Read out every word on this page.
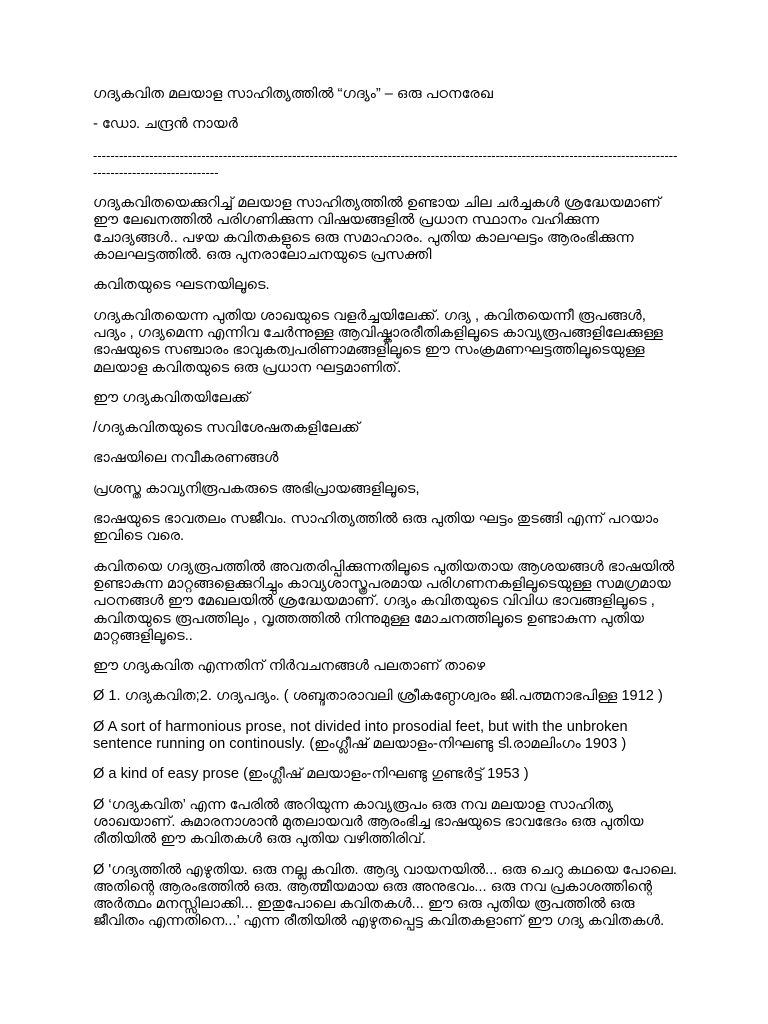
ഗദ്യകവിത മലയാള സാഹിത്യത്തിൽ “ഗദ്യം” – ഒരു പഠനരേഖ

- ഡോ. ചന്ദ്രൻ നായർ

--------------------------------------------------------------------------------------------------------------------------------------------------------------------

ഗദ്യകവിതയെക്കുറിച്ച് മലയാള സാഹിത്യത്തിൽ ഉണ്ടായ ചില ചർച്ചകൾ ശ്രദ്ധേയമാണ് ഈ ലേഖനത്തിൽ പരിഗണിക്കുന്ന വിഷയങ്ങളിൽ പ്രധാന സ്ഥാനം വഹിക്കുന്ന ചോദ്യങ്ങൾ.. പഴയ കവിതകളുടെ ഒരു സമാഹാരം. പുതിയ കാലഘട്ടം ആരംഭിക്കുന്ന കാലഘട്ടത്തിൽ. ഒരു പുനരാലോചനയുടെ പ്രസക്തി

കവിതയുടെ ഘടനയിലൂടെ.

ഗദ്യകവിതയെന്ന പുതിയ ശാഖയുടെ വളർച്ചയിലേക്ക്. ഗദ്യ , കവിതയെന്നീ രൂപങ്ങൾ, പദ്യം , ഗദ്യമെന്ന എന്നിവ ചേർന്നുള്ള ആവിഷ്കാരരീതികളിലൂടെ കാവ്യരൂപങ്ങളിലേക്കുള്ള ഭാഷയുടെ സഞ്ചാരം ഭാവുകത്വപരിണാമങ്ങളിലൂടെ ഈ സംക്രമണഘട്ടത്തിലൂടെയുള്ള മലയാള കവിതയുടെ ഒരു പ്രധാന ഘട്ടമാണിത്.

ഈ ഗദ്യകവിതയിലേക്ക്

/ഗദ്യകവിതയുടെ സവിശേഷതകളിലേക്ക്

ഭാഷയിലെ നവീകരണങ്ങൾ

പ്രശസ്ത കാവ്യനിരൂപകരുടെ അഭിപ്രായങ്ങളിലൂടെ,

ഭാഷയുടെ ഭാവതലം സജീവം. സാഹിത്യത്തിൽ ഒരു പുതിയ ഘട്ടം തുടങ്ങി എന്ന് പറയാം ഇവിടെ വരെ.

കവിതയെ ഗദ്യരൂപത്തിൽ അവതരിപ്പിക്കുന്നതിലൂടെ പുതിയതായ ആശയങ്ങൾ ഭാഷയിൽ ഉണ്ടാകുന്ന മാറ്റങ്ങളെക്കുറിച്ചും കാവ്യശാസ്ത്രപരമായ പരിഗണനകളിലൂടെയുള്ള സമഗ്രമായ പഠനങ്ങൾ ഈ മേഖലയിൽ ശ്രദ്ധേയമാണ്. ഗദ്യം കവിതയുടെ വിവിധ ഭാവങ്ങളിലൂടെ , കവിതയുടെ രൂപത്തിലും , വൃത്തത്തിൽ നിന്നുമുള്ള മോചനത്തിലൂടെ ഉണ്ടാകുന്ന പുതിയ മാറ്റങ്ങളിലൂടെ..

ഈ ഗദ്യകവിത എന്നതിന് നിർവചനങ്ങൾ പലതാണ് താഴെ

Ø 1. ഗദ്യകവിത;2. ഗദ്യപദ്യം. ( ശബ്ദതാരാവലി ശ്രീകണ്ഠേശ്വരം ജി.പത്മനാഭപിള്ള 1912 )

Ø A sort of harmonious prose, not divided into prosodial feet, but with the unbroken sentence running on continously. (ഇംഗ്ലീഷ് മലയാളം-നിഘണ്ടു ടി.രാമലിംഗം 1903 )

Ø a kind of easy prose (ഇംഗ്ലീഷ് മലയാളം-നിഘണ്ടു ഗുണ്ടർട്ട് 1953 )

Ø ‘ഗദ്യകവിത’ എന്ന പേരിൽ അറിയുന്ന കാവ്യരൂപം ഒരു നവ മലയാള സാഹിത്യ ശാഖയാണ്. കുമാരനാശാൻ മുതലായവർ ആരംഭിച്ച ഭാഷയുടെ ഭാവഭേദം ഒരു പുതിയ രീതിയിൽ ഈ കവിതകൾ ഒരു പുതിയ വഴിത്തിരിവ്.

Ø 'ഗദ്യത്തിൽ എഴുതിയ. ഒരു നല്ല കവിത. ആദ്യ വായനയിൽ... ഒരു ചെറു കഥയെ പോലെ. അതിന്റെ ആരംഭത്തിൽ ഒരു. ആത്മീയമായ ഒരു അനുഭവം... ഒരു നവ പ്രകാശത്തിന്റെ അർത്ഥം മനസ്സിലാക്കി... ഇതുപോലെ കവിതകൾ... ഈ ഒരു പുതിയ രൂപത്തിൽ ഒരു ജീവിതം എന്നതിനെ...’ എന്ന രീതിയിൽ എഴുതപ്പെട്ട കവിതകളാണ് ഈ ഗദ്യ കവിതകൾ.
